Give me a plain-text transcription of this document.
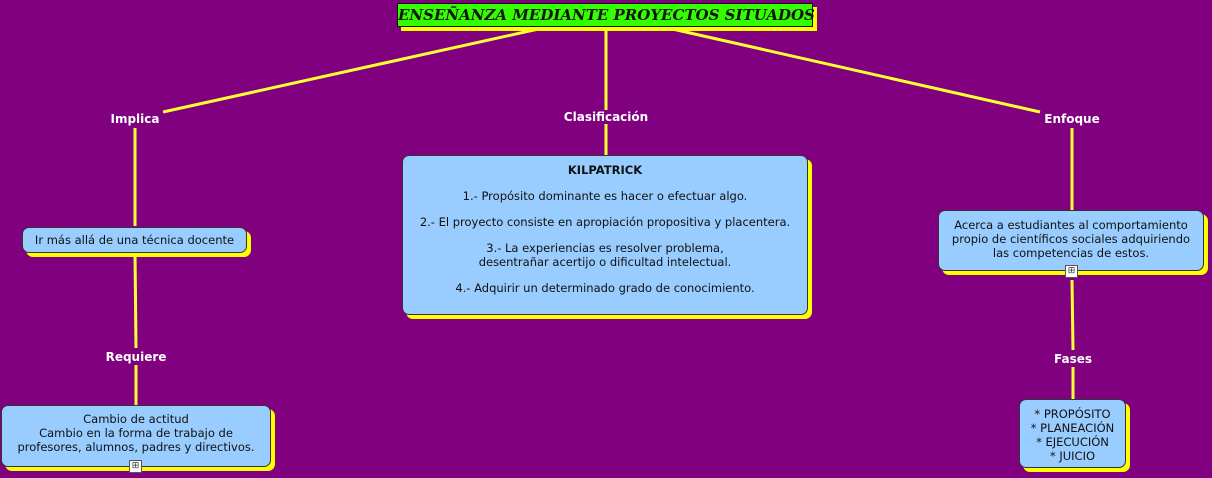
ENSEÑANZA MEDIANTE PROYECTOS SITUADOS
Implica	Clasificación	Enfoque
Requiere	Fases

Ir más allá de una técnica docente

Cambio de actitud

Cambio en la forma de trabajo de

profesores, alumnos, padres y directivos.

⊞

KILPATRICK

1.- Propósito dominante es hacer o efectuar algo.

2.- El proyecto consiste en apropiación propositiva y placentera.

3.- La experiencias es resolver problema,

desentrañar acertijo o dificultad intelectual.

4.- Adquirir un determinado grado de conocimiento.

Acerca a estudiantes al comportamiento

propio de científicos sociales adquiriendo

las competencias de estos.

⊞

* PROPÓSITO

* PLANEACIÓN

* EJECUCIÓN

* JUICIO
